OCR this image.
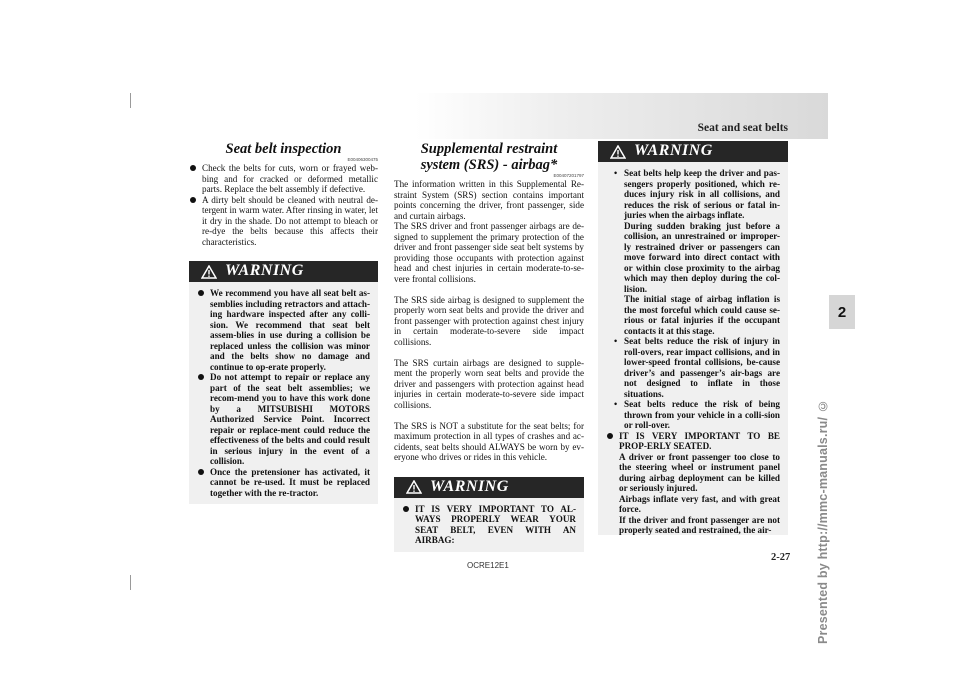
Seat and seat belts
2
Presented by http://mmc-manuals.ru/ ©
Seat belt inspection
E00406300475
Check the belts for cuts, worn or frayed web-bing and for cracked or deformed metallic parts. Replace the belt assembly if defective.
A dirty belt should be cleaned with neutral de-tergent in warm water. After rinsing in water, let it dry in the shade. Do not attempt to bleach or re-dye the belts because this affects their characteristics.
WARNING
We recommend you have all seat belt as-semblies including retractors and attach-ing hardware inspected after any colli-sion. We recommend that seat belt assem-blies in use during a collision be replaced unless the collision was minor and the belts show no damage and continue to op-erate properly.
Do not attempt to repair or replace any part of the seat belt assemblies; we recom-mend you to have this work done by a MITSUBISHI MOTORS Authorized Service Point. Incorrect repair or replace-ment could reduce the effectiveness of the belts and could result in serious injury in the event of a collision.
Once the pretensioner has activated, it cannot be re-used. It must be replaced together with the re-tractor.
Supplemental restraint system (SRS) - airbag*
E00407201797

The information written in this Supplemental Re-straint System (SRS) section contains important points concerning the driver, front passenger, side and curtain airbags.

The SRS driver and front passenger airbags are de-signed to supplement the primary protection of the driver and front passenger side seat belt systems by providing those occupants with protection against head and chest injuries in certain moderate-to-se-vere frontal collisions.

The SRS side airbag is designed to supplement the properly worn seat belts and provide the driver and front passenger with protection against chest injury in certain moderate-to-severe side impact collisions.

The SRS curtain airbags are designed to supple-ment the properly worn seat belts and provide the driver and passengers with protection against head injuries in certain moderate-to-severe side impact collisions.

The SRS is NOT a substitute for the seat belts; for maximum protection in all types of crashes and ac-cidents, seat belts should ALWAYS be worn by ev-eryone who drives or rides in this vehicle.

WARNING
IT IS VERY IMPORTANT TO AL-WAYS PROPERLY WEAR YOUR SEAT BELT, EVEN WITH AN AIRBAG:
WARNING
• Seat belts help keep the driver and pas-sengers properly positioned, which re-duces injury risk in all collisions, and reduces the risk of serious or fatal in-juries when the airbags inflate.

During sudden braking just before a collision, an unrestrained or improper-ly restrained driver or passengers can move forward into direct contact with or within close proximity to the airbag which may then deploy during the col-lision.

The initial stage of airbag inflation is the most forceful which could cause se-rious or fatal injuries if the occupant contacts it at this stage.

• Seat belts reduce the risk of injury in roll-overs, rear impact collisions, and in lower-speed frontal collisions, be-cause driver’s and passenger’s air-bags are not designed to inflate in those situations.
• Seat belts reduce the risk of being thrown from your vehicle in a colli-sion or roll-over.
IT IS VERY IMPORTANT TO BE PROP-ERLY SEATED.

A driver or front passenger too close to the steering wheel or instrument panel during airbag deployment can be killed or seriously injured.

Airbags inflate very fast, and with great force.

If the driver and front passenger are not properly seated and restrained, the air-

OCRE12E1
2-27
